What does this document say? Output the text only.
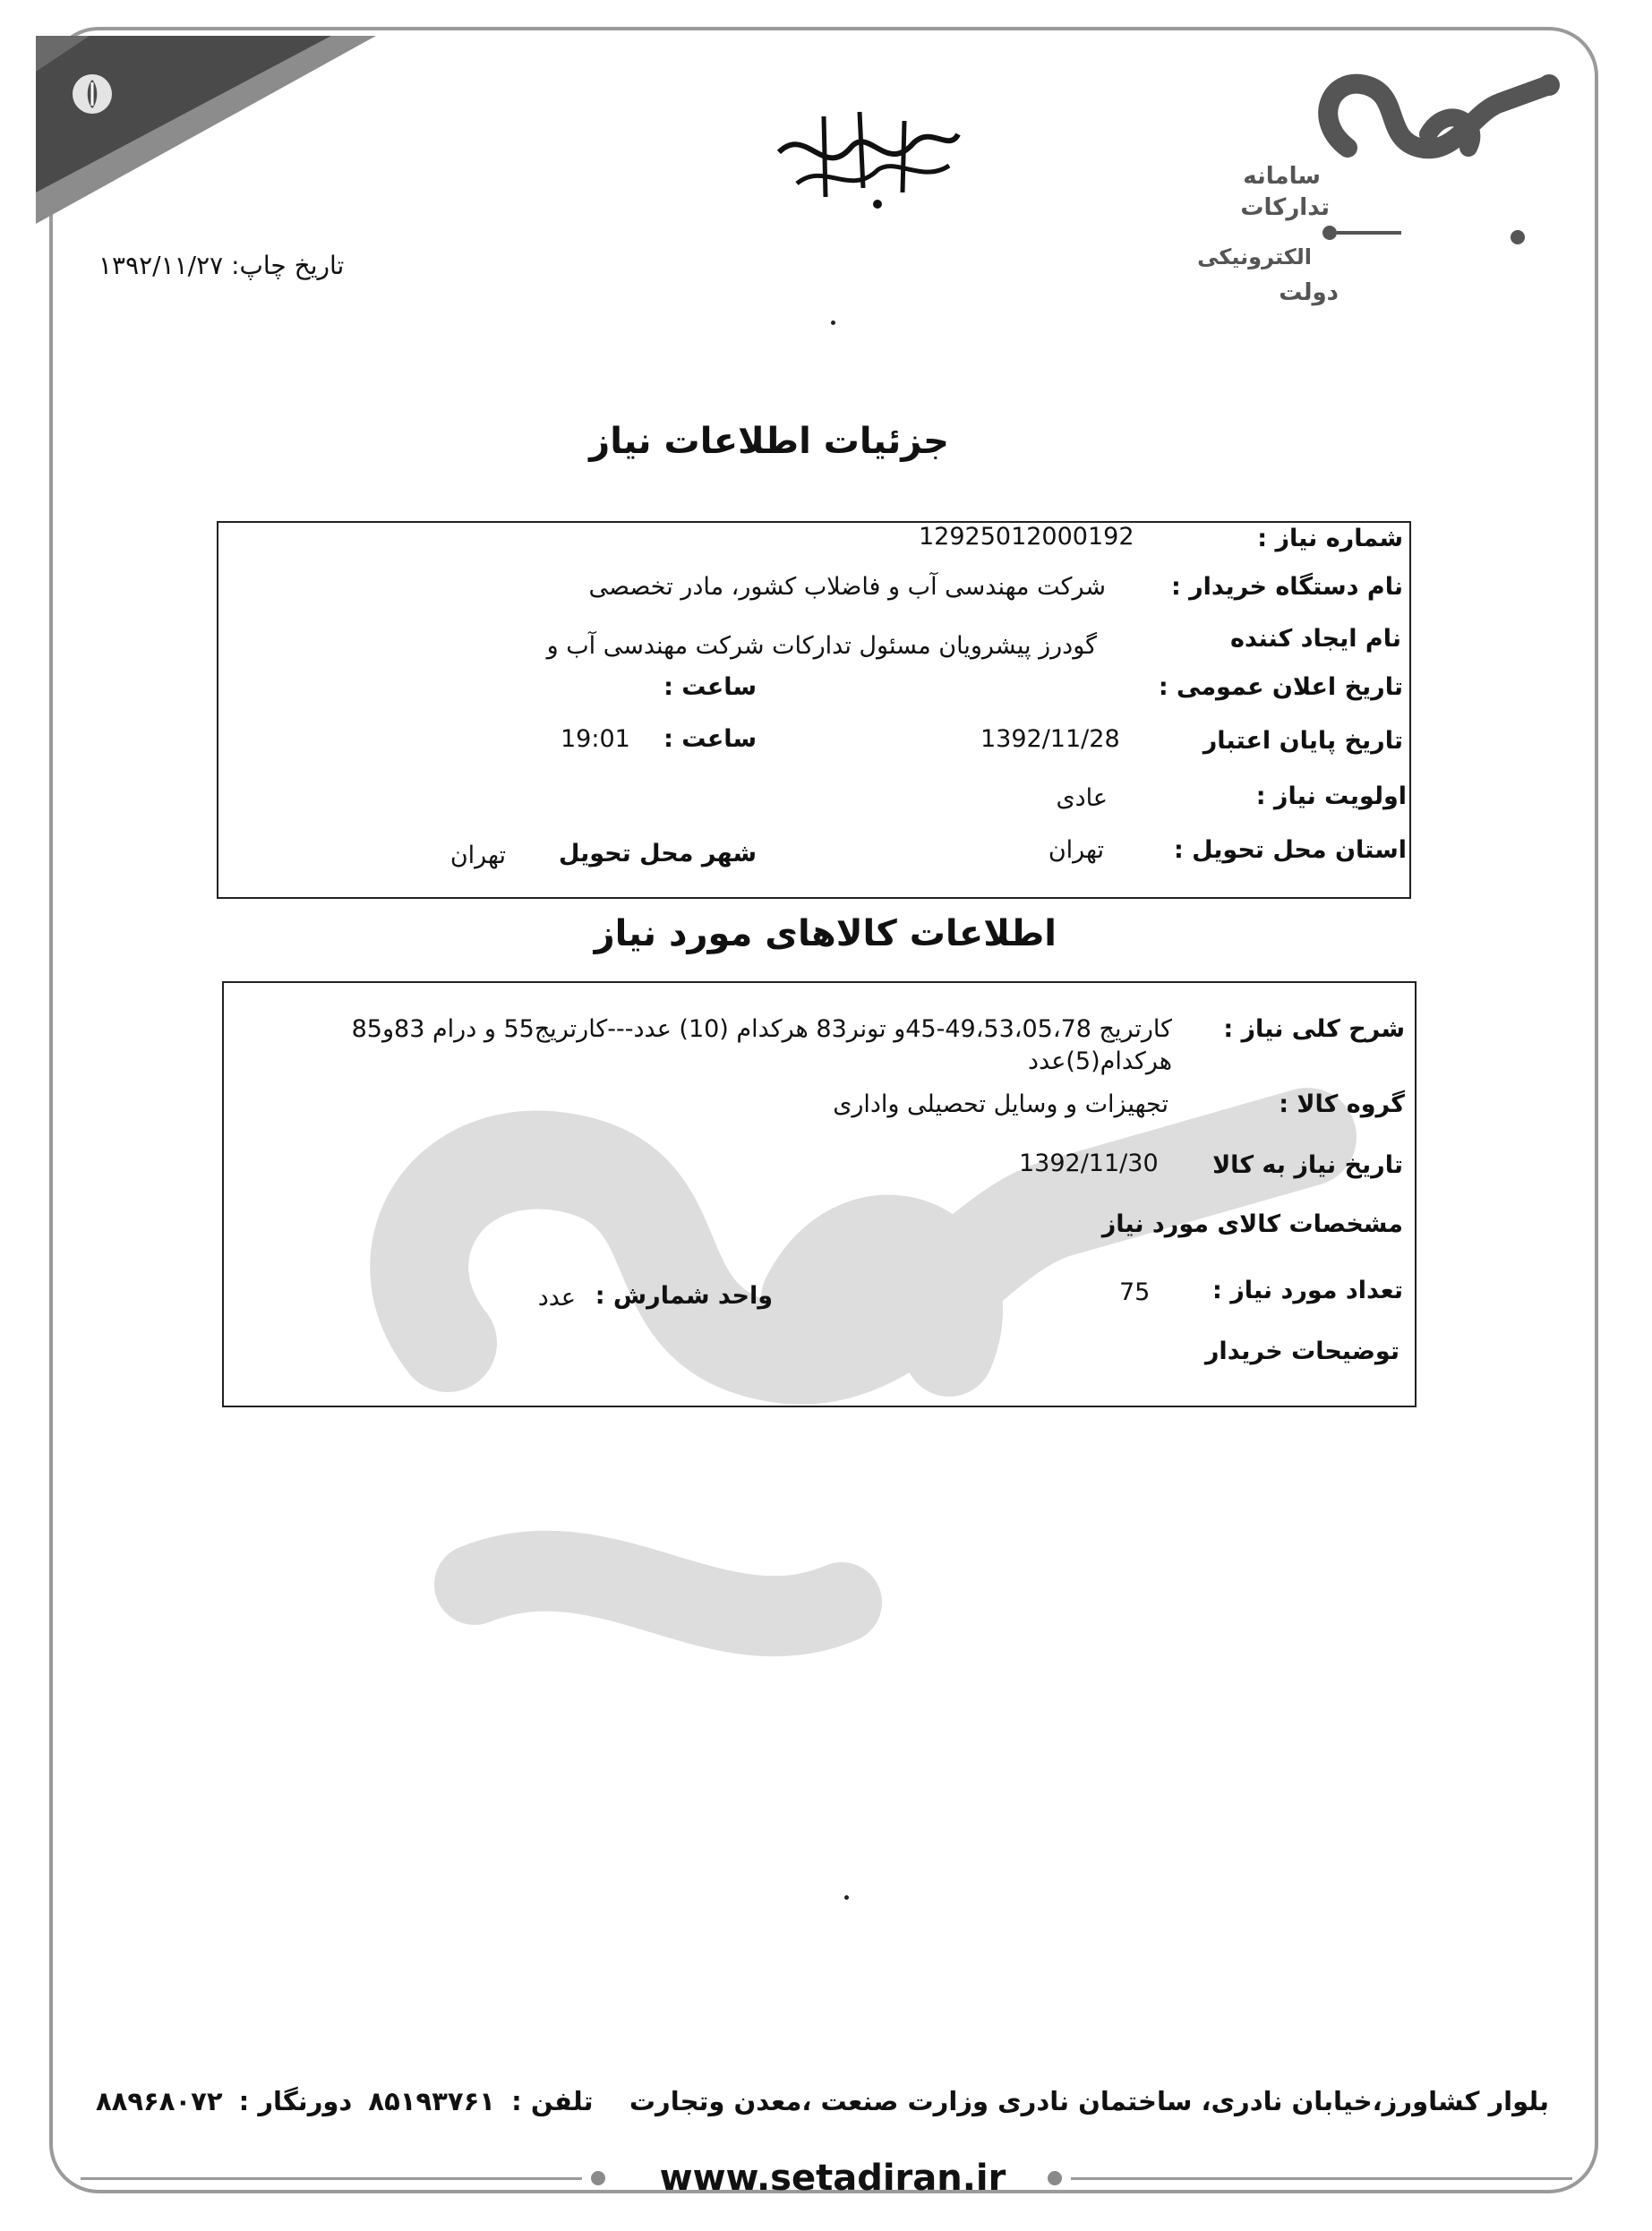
سامانه
تدارکات
الکترونیکی
دولت
تاریخ چاپ: ۱۳۹۲/۱۱/۲۷
جزئیات اطلاعات نیاز
اطلاعات کالاهای مورد نیاز
شماره نیاز :
12925012000192
نام دستگاه خریدار :
شرکت مهندسی آب و فاضلاب کشور، مادر تخصصی
نام ایجاد کننده
گودرز پیشرویان مسئول تدارکات شرکت مهندسی آب و
تاریخ اعلان عمومی :
ساعت :
تاریخ پایان اعتبار
1392/11/28
ساعت :
19:01
اولویت نیاز :
عادی
استان محل تحویل :
تهران
شهر محل تحویل
تهران
شرح کلی نیاز :
کارتریج 49،53،05،78-45و تونر83 هرکدام (10) عدد---کارتریج55 و درام 83و85
هرکدام(5)عدد
گروه کالا :
تجهیزات و وسایل تحصیلی واداری
تاریخ نیاز به کالا
1392/11/30
مشخصات کالای مورد نیاز
تعداد مورد نیاز :
75
واحد شمارش :
عدد
توضیحات خریدار
بلوار کشاورز،خیابان نادری، ساختمان نادری وزارت صنعت ،معدن وتجارت    تلفن : ۸۵۱۹۳۷۶۱ دورنگار : ۸۸۹۶۸۰۷۲
www.setadiran.ir
